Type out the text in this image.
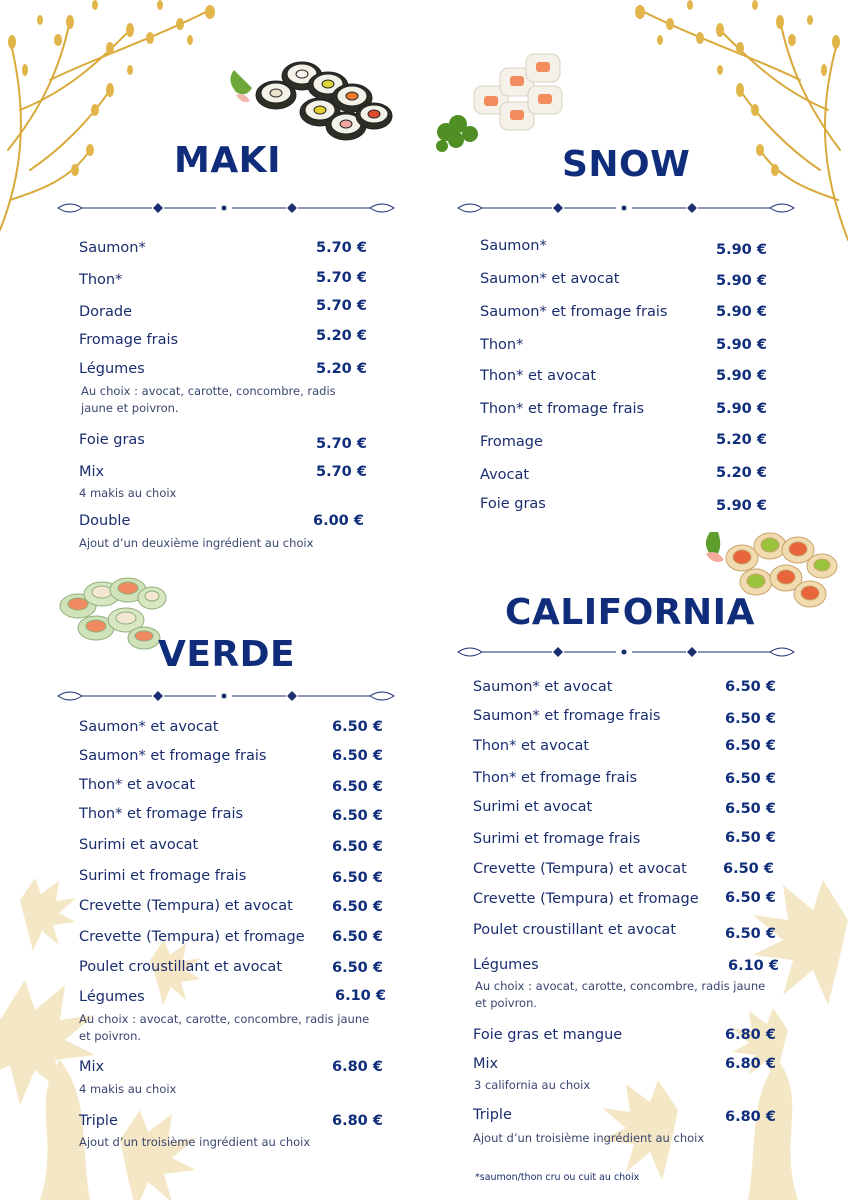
MAKI	SNOW
VERDE
CALIFORNIA
Saumon*	5.70 €
Thon*	5.70 €
Dorade	5.70 €
Fromage frais	5.20 €
Légumes	5.20 €
Au choix : avocat, carotte, concombre, radis jaune et poivron.
Foie gras	5.70 €
Mix	5.70 €
4 makis au choix
Double	6.00 €
Ajout d’un deuxième ingrédient au choix
Saumon*	5.90 €
Saumon* et avocat	5.90 €
Saumon* et fromage frais	5.90 €
Thon*	5.90 €
Thon* et avocat	5.90 €
Thon* et fromage frais	5.90 €
Fromage	5.20 €
Avocat	5.20 €
Foie gras	5.90 €
Saumon* et avocat	6.50 €
Saumon* et fromage frais	6.50 €
Thon* et avocat	6.50 €
Thon* et fromage frais	6.50 €
Surimi et avocat	6.50 €
Surimi et fromage frais	6.50 €
Crevette (Tempura) et avocat	6.50 €
Crevette (Tempura) et fromage 6.50 €
Poulet croustillant et avocat	6.50 €
Légumes	6.10 €
Au choix : avocat, carotte, concombre, radis jaune et poivron.
Mix	6.80 €
4 makis au choix
Triple	6.80 €
Ajout d’un troisième ingrédient au choix
Saumon* et avocat	6.50 €
Saumon* et fromage frais	6.50 €
Thon* et avocat	6.50 €
Thon* et fromage frais	6.50 €
Surimi et avocat	6.50 €
Surimi et fromage frais	6.50 €
Crevette (Tempura) et avocat 6.50 €
Crevette (Tempura) et fromage 6.50 €
Poulet croustillant et avocat	6.50 €
Légumes	6.10 €
Au choix : avocat, carotte, concombre, radis jaune et poivron.
Foie gras et mangue	6.80 €
Mix	6.80 €
3 california au choix
Triple	6.80 €
Ajout d’un troisième ingrédient au choix
*saumon/thon cru ou cuit au choix
